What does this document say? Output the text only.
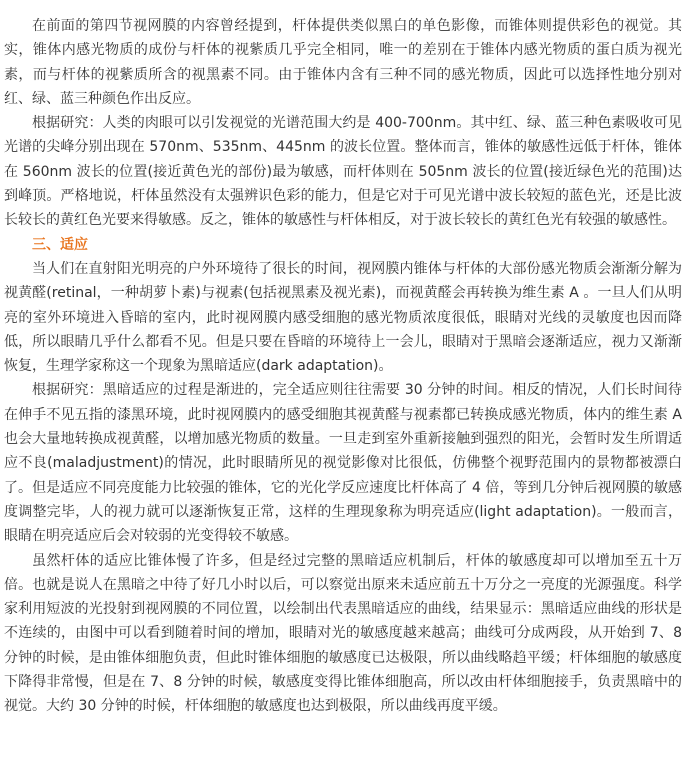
在前面的第四节视网膜的内容曾经提到，杆体提供类似黑白的单色影像，而锥体则提供彩色的视觉。其实，锥体内感光物质的成份与杆体的视紫质几乎完全相同，唯一的差别在于锥体内感光物质的蛋白质为视光素，而与杆体的视紫质所含的视黑素不同。由于锥体内含有三种不同的感光物质，因此可以选择性地分别对红、绿、蓝三种颜色作出反应。

根据研究：人类的肉眼可以引发视觉的光谱范围大约是 400-700nm。其中红、绿、蓝三种色素吸收可见光谱的尖峰分别出现在 570nm、535nm、445nm 的波长位置。整体而言，锥体的敏感性远低于杆体，锥体在 560nm 波长的位置(接近黄色光的部份)最为敏感，而杆体则在 505nm 波长的位置(接近绿色光的范围)达到峰顶。严格地说，杆体虽然没有太强辨识色彩的能力，但是它对于可见光谱中波长较短的蓝色光，还是比波长较长的黄红色光要来得敏感。反之，锥体的敏感性与杆体相反，对于波长较长的黄红色光有较强的敏感性。

三、适应

当人们在直射阳光明亮的户外环境待了很长的时间，视网膜内锥体与杆体的大部份感光物质会渐渐分解为视黄醛(retinal，一种胡萝卜素)与视素(包括视黑素及视光素)，而视黄醛会再转换为维生素 A 。一旦人们从明亮的室外环境进入昏暗的室内，此时视网膜内感受细胞的感光物质浓度很低，眼睛对光线的灵敏度也因而降低，所以眼睛几乎什么都看不见。但是只要在昏暗的环境待上一会儿，眼睛对于黑暗会逐渐适应，视力又渐渐恢复，生理学家称这一个现象为黑暗适应(dark adaptation)。

根据研究：黑暗适应的过程是渐进的，完全适应则往往需要 30 分钟的时间。相反的情况，人们长时间待在伸手不见五指的漆黑环境，此时视网膜内的感受细胞其视黄醛与视素都已转换成感光物质，体内的维生素 A 也会大量地转换成视黄醛，以增加感光物质的数量。一旦走到室外重新接触到强烈的阳光，会暂时发生所谓适应不良(maladjustment)的情况，此时眼睛所见的视觉影像对比很低，仿佛整个视野范围内的景物都被漂白了。但是适应不同亮度能力比较强的锥体，它的光化学反应速度比杆体高了 4 倍，等到几分钟后视网膜的敏感度调整完毕，人的视力就可以逐渐恢复正常，这样的生理现象称为明亮适应(light adaptation)。一般而言，眼睛在明亮适应后会对较弱的光变得较不敏感。

虽然杆体的适应比锥体慢了许多，但是经过完整的黑暗适应机制后，杆体的敏感度却可以增加至五十万倍。也就是说人在黑暗之中待了好几小时以后，可以察觉出原来未适应前五十万分之一亮度的光源强度。科学家利用短波的光投射到视网膜的不同位置，以绘制出代表黑暗适应的曲线，结果显示：黑暗适应曲线的形状是不连续的，由图中可以看到随着时间的增加，眼睛对光的敏感度越来越高；曲线可分成两段，从开始到 7、8 分钟的时候，是由锥体细胞负责，但此时锥体细胞的敏感度已达极限，所以曲线略趋平缓；杆体细胞的敏感度下降得非常慢，但是在 7、8 分钟的时候，敏感度变得比锥体细胞高，所以改由杆体细胞接手，负责黑暗中的视觉。大约 30 分钟的时候，杆体细胞的敏感度也达到极限，所以曲线再度平缓。
